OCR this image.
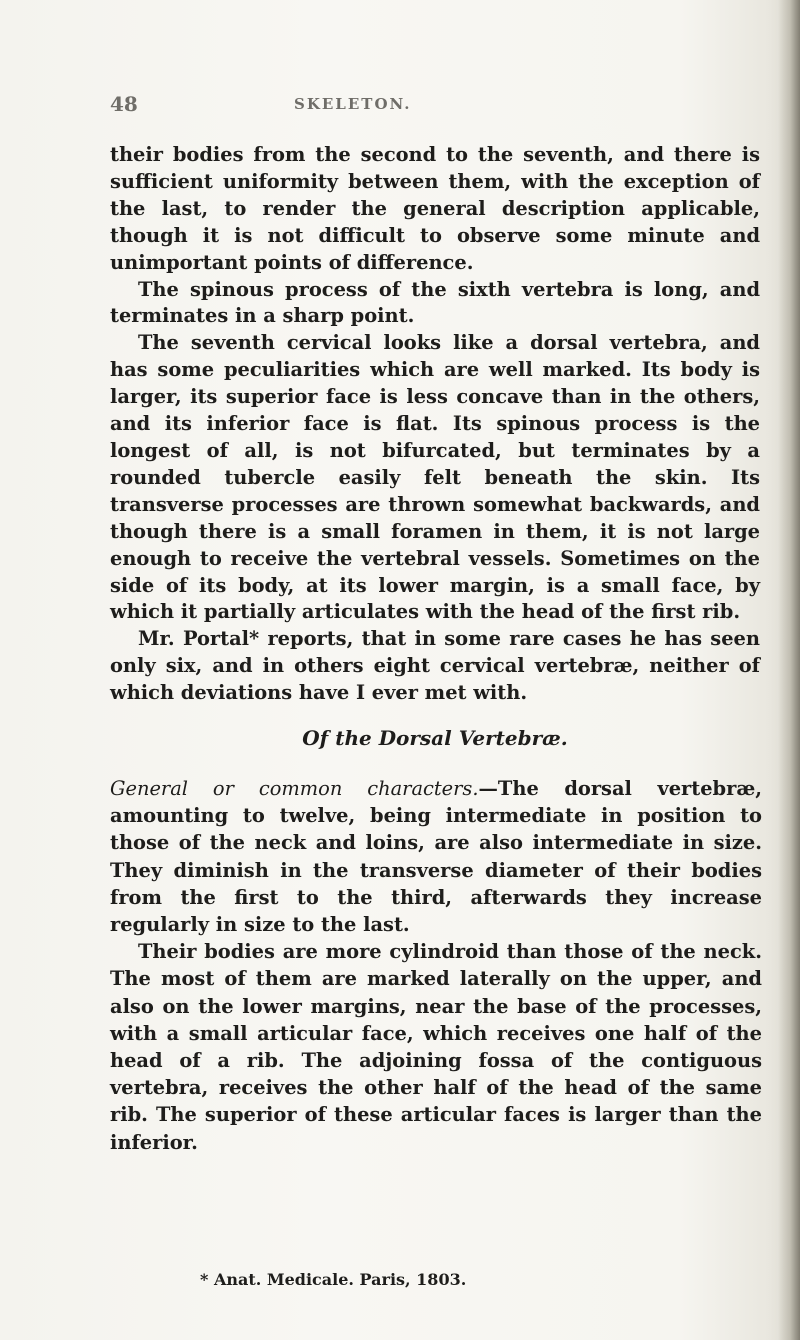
48	SKELETON.

their bodies from the second to the seventh, and there is sufficient uniformity between them, with the exception of the last, to render the general description applicable, though it is not difficult to observe some minute and unimportant points of difference.

The spinous process of the sixth vertebra is long, and terminates in a sharp point.

The seventh cervical looks like a dorsal vertebra, and has some peculiarities which are well marked. Its body is larger, its superior face is less concave than in the others, and its inferior face is flat. Its spinous process is the longest of all, is not bifurcated, but terminates by a rounded tubercle easily felt beneath the skin. Its transverse processes are thrown somewhat backwards, and though there is a small foramen in them, it is not large enough to receive the vertebral vessels. Sometimes on the side of its body, at its lower margin, is a small face, by which it partially articulates with the head of the first rib.

Mr. Portal* reports, that in some rare cases he has seen only six, and in others eight cervical vertebræ, neither of which deviations have I ever met with.

Of the Dorsal Vertebræ.

General or common characters.—The dorsal vertebræ, amounting to twelve, being intermediate in position to those of the neck and loins, are also intermediate in size. They diminish in the transverse diameter of their bodies from the first to the third, afterwards they increase regularly in size to the last.

Their bodies are more cylindroid than those of the neck. The most of them are marked laterally on the upper, and also on the lower margins, near the base of the processes, with a small articular face, which receives one half of the head of a rib. The adjoining fossa of the contiguous vertebra, receives the other half of the head of the same rib. The superior of these articular faces is larger than the inferior.

* Anat. Medicale. Paris, 1803.
